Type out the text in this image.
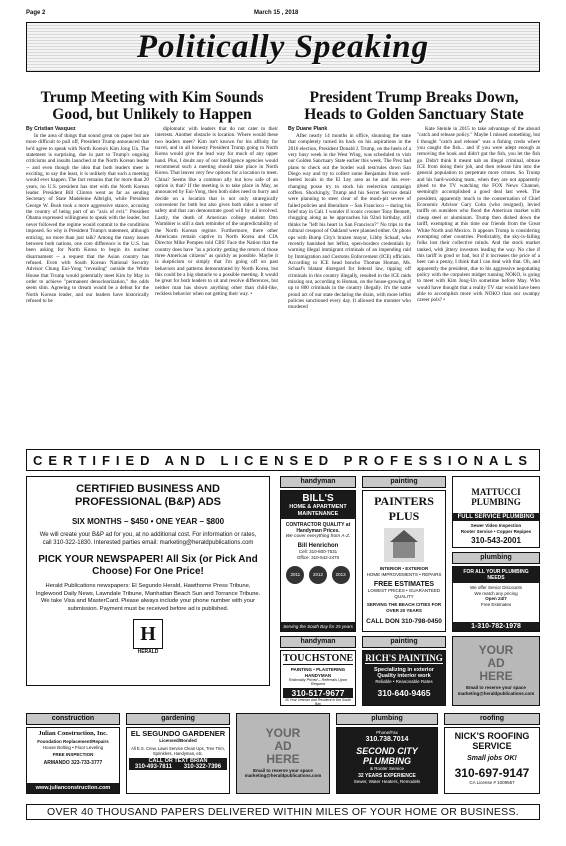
Page 2	March 15 , 2018
Politically Speaking
Trump Meeting with Kim Sounds Good, but Unlikely to Happen
By Cristian Vasquez

In the area of things that sound great on paper but are more difficult to pull off, President Trump announced that he'd agree to speak with North Korea's Kim Jong Un. The statement is surprising, due in part to Trump's ongoing criticisms and insults launched at the North Korean leader -- and even though the idea that both leaders meet is exciting, to say the least, it is unlikely that such a meeting would ever happen. The fact remains that for more than 20 years, no U.S. president has met with the North Korean leader. President Bill Clinton went as far as sending Secretary of State Madeleine Albright, while President George W. Bush took a more aggressive stance, accusing the country of being part of an "axis of evil." President Obama expressed willingness to speak with the leader, but never followed the regime would commit to the conditions imposed. So why is President Trump's statement, although enticing, no more than just talk? Among the many issues between both nations, one core difference is the U.S. has been asking for North Korea to begin its nuclear disarmament -- a request that the Asian country has refused. Even with South Korean National Security Advisor Chung Eui-Yong "revealing" outside the White House that Trump would potentially meet Kim by May in order to achieve "permanent denuclearization," the odds seem slim. Agreeing to dream would be a defeat for the North Korean leader, and our leaders have historically refused to be

diplomatic with leaders that do not cater to their interests. Another obstacle is location. Where would these two leaders meet? Kim isn't known for his affinity for travel, and in all honesty President Trump going to North Korea would give the lead way for much of any upper hand. Plus, I doubt any of our intelligence agencies would recommend such a meeting should take place in North Korea. That leaves very few options for a location to meet. China? Seems like a common ally but how safe of an option is that? If the meeting is to take place in May, as announced by Eui-Yong, then both sides need to hurry and decide on a location that is not only strategically convenient for both but also gives both sides a sense of safety and that can demonstrate good will by all involved. Lastly, the death of American college student Otto Warmbier is still a dark reminder of the unpredictability of the North Korean regime. Furthermore, there other Americans remain captive in North Korea and CIA Director Mike Pompeo told CBS' Face the Nation that the country does have "as a priority getting the return of those three American citizens" as quickly as possible. Maybe it is skepticism or simply that I'm going off on past behaviors and patterns demonstrated by North Korea, but this could be a big obstacle to a possible meeting. It would be great for both leaders to sit and resolve differences, but neither man has shown anything other than child-like, reckless behavior when not getting their way. •

President Trump Breaks Down, Heads to Golden Sanctuary State
By Duane Plank

After nearly 14 months in office, shunning the state that completely turned its back on his aspirations in the 2016 election, President Donald J. Trump, on the heels of a very busy week in the West Wing, was scheduled to visit our Golden Sanctuary State earlier this week. The Prez had plans to check out the border wall test/rules down San Diego way and try to collect some Benjamins from well-heeled locals in the El Ley area as he and his ever-changing posse try to stock his reelection campaign coffers. Shockingly, Trump and his Secret Service detail were planning to steer clear of the mosh-pit severe of failed policies and liberalism -- San Francisco -- during his brief stay in Cali. I wonder if iconic crooner Tony Bennett, chugging along as he approaches his 92nd birthday, still thinks he "left his heart in San Francisco?" No trips to the cultural cesspool of Oakland were planned either. Or photo ops with Bump City's brazen mayor, Libby Schaaf, who recently banished her leftist, open-borders credentials by warning illegal immigrant criminals of an impending raid by Immigration and Customs Enforcement (ICE) officials. According to ICE head honcho Thomas Homan, Ms. Schaaf's blatant disregard for federal law, tipping off criminals in this country illegally, resulted in the ICE raids missing out, according to Homan, on the house-growing of up to 800 criminals in the country illegally. It's the same proud act of our state declaring the drain, with more leftist policies sanctioned every day. It allowed the monster who murdered

Kate Steinle in 2015 to take advantage of the absurd "catch and release policy." Maybe I missed something, but I thought "catch and release" was a fishing credo where you caught the fish... and if you were adept enough at removing the hook and didn't gut the fish, you let the fish go. Didn't think it meant nab an illegal criminal, obtuse ICE from doing their job, and then release him into the general population to perpetrate more crimes. So Trump and his hard-working team, when they are not apparently glued to the TV watching the FOX News Channel, seemingly accomplished a good deal last week. The president, apparently much to the consternation of Chief Economic Advisor Gary Cohn (who resigned), levied tariffs on outsiders who flood the American market with cheap steel or aluminum. Trump then dished down the tariff, exempting at this time our friends from the Great White North and Mexico. It appears Trump is considering exempting other countries. Predictably, the sky-is-falling folks lost their collective minds. And the stock market tanked, with jittery investors leading the way. No clue if this tariff is good or bad, but if it increases the price of a beer can a penny, I think that I can deal with that. Oh, and apparently the president, due to his aggressive negotiating policy with the corpulent midget running NOKO, is going to meet with Kim Jong-Un sometime before May. Who would have thought that a reality TV star would have been able to accomplish more with NOKO than our swampy career pols? •

CERTIFIED AND LICENSED PROFESSIONALS
CERTIFIED BUSINESS AND PROFESSIONAL (B&P) ADS
SIX MONTHS – $450 • ONE YEAR – $800
We will create your B&P ad for you, at no additional cost. For information or rates, call 310-322-1830. Interested parties email: marketing@heraldpublications.com
PICK YOUR NEWSPAPER! All Six (or Pick And Choose) For One Price!
Herald Publications newspapers: El Segundo Herald, Hawthorne Press Tribune, Inglewood Daily News, Lawndale Tribune, Manhattan Beach Sun and Torrance Tribune. We take Visa and MasterCard. Please always include your phone number with your submission. Payment must be received before ad is published.
H
HERALD
handyman	painting
BILL'S
HOME & APARTMENT MAINTENANCE
CONTRACTOR QUALITY at Handyman Prices.
We cover everything from A-Z.
Bill Henrichon
Cell: 310-800-7531
Office: 310-542-2470
2011	2012	2013
Serving the South Bay for 25 years
PAINTERS PLUS
INTERIOR • EXTERIOR
HOME IMPROVEMENTS • REPAIRS
FREE ESTIMATES
LOWEST PRICES • GUARANTEED QUALITY
SERVING THE BEACH CITIES FOR OVER 20 YEARS
CALL DON 310-798-0450
MATTUCCI PLUMBING
FULL SERVICE PLUMBING
Sewer Video Inspection
Rooter Service • Copper Repipes
310-543-2001
plumbing
FOR ALL YOUR PLUMBING NEEDS
We offer Senior Discounts
We match any pricing
Open 24/7
Free Estimates
1-310-782-1978
handyman	painting
TOUCHSTONE
PAINTING • PLASTERING
HANDYMAN
Rationally Priced – Referrals Upon Request
310-517-9677
35 Year Veteran and Resident in the South Bay
RICH'S PAINTING
Specializing in exterior
Quality interior work
Reliable • Reasonable Rates
310-640-9465
YOUR
AD
HERE
Email to reserve your space marketing@heraldpublications.com
construction	gardening	plumbing	roofing
Julian Construction, Inc.
Foundation Replacement/Repairs
House Bolting • Floor Leveling
FREE INSPECTION
ARMANDO 323-733-3777
www.julianconstruction.com
EL SEGUNDO GARDENER
Licensed/Bonded
All E.S. Crew, Lawn Service Clean Ups, Tree Trim, Sprinklers, Handyman, etc.
CALL OR TEXT BRIAN
310-493-7811 310-322-7396
YOUR
AD
HERE
Email to reserve your space marketing@heraldpublications.com
Phone/Fax
310.738.7014
SECOND CITY PLUMBING
& Rooter Service
32 YEARS EXPERIENCE
Sewer, Water Heaters, Remodels
NICK'S ROOFING SERVICE
Small jobs OK!
310-697-9147
CA License # 1009557
OVER 40 THOUSAND PAPERS DELIVERED WITHIN MILES OF YOUR HOME OR BUSINESS.
